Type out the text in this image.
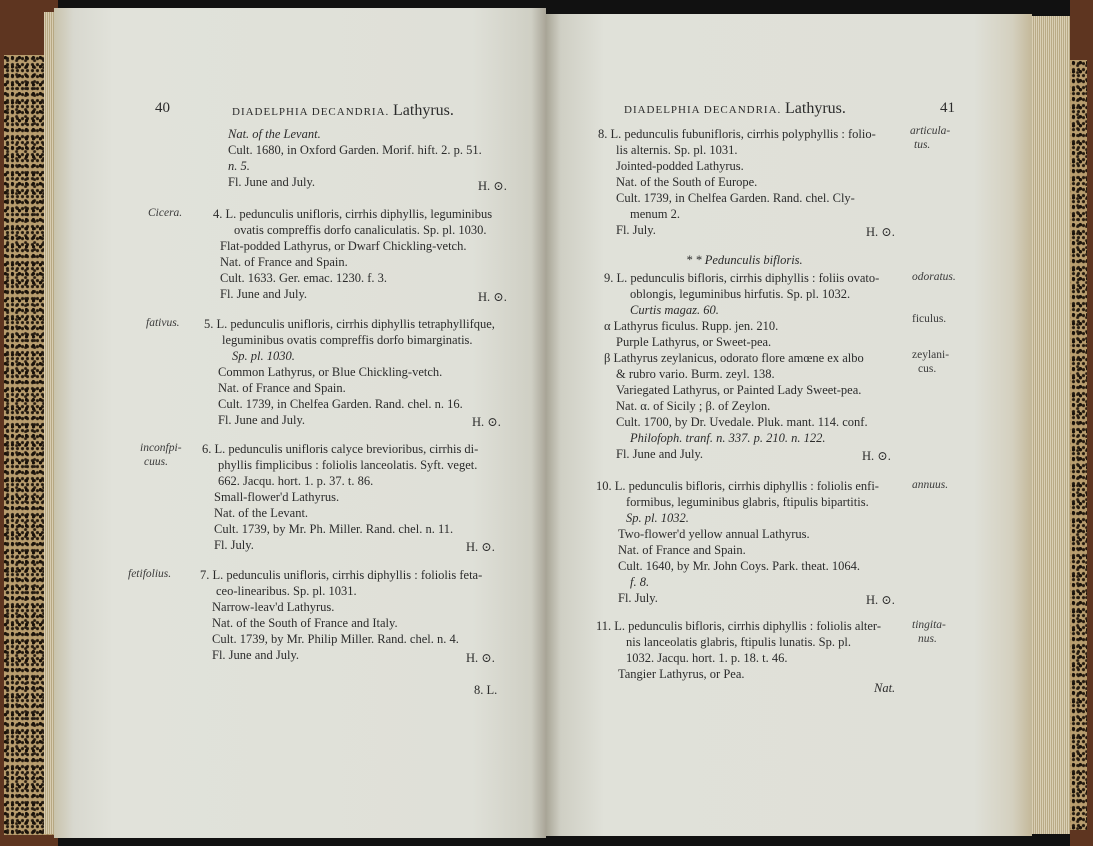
40	DIADELPHIA DECANDRIA. Lathyrus.
Nat. of the Levant.
Cult. 1680, in Oxford Garden. Morif. hift. 2. p. 51.
n. 5.
Fl. June and July.	H. ⊙.
Cicera. 4. L. pedunculis unifloris, cirrhis diphyllis, leguminibus
ovatis compreffis dorfo canaliculatis. Sp. pl. 1030.
Flat-podded Lathyrus, or Dwarf Chickling-vetch.
Nat. of France and Spain.
Cult. 1633. Ger. emac. 1230. f. 3.
Fl. June and July.	H. ⊙.
fativus. 5. L. pedunculis unifloris, cirrhis diphyllis tetraphyllifque,
leguminibus ovatis compreffis dorfo bimarginatis.
Sp. pl. 1030.
Common Lathyrus, or Blue Chickling-vetch.
Nat. of France and Spain.
Cult. 1739, in Chelfea Garden. Rand. chel. n. 16.
Fl. June and July.	H. ⊙.
inconfpi-
cuus.
6. L. pedunculis unifloris calyce brevioribus, cirrhis di-
phyllis fimplicibus : foliolis lanceolatis. Syft. veget.
662. Jacqu. hort. 1. p. 37. t. 86.
Small-flower'd Lathyrus.
Nat. of the Levant.
Cult. 1739, by Mr. Ph. Miller. Rand. chel. n. 11.
Fl. July.	H. ⊙.
fetifolius. 7. L. pedunculis unifloris, cirrhis diphyllis : foliolis feta-
ceo-linearibus. Sp. pl. 1031.
Narrow-leav'd Lathyrus.
Nat. of the South of France and Italy.
Cult. 1739, by Mr. Philip Miller. Rand. chel. n. 4.
Fl. June and July.	H. ⊙.
8. L.
DIADELPHIA DECANDRIA. Lathyrus.	41
articula-
tus.
8. L. pedunculis fubunifloris, cirrhis polyphyllis : folio-
lis alternis. Sp. pl. 1031.
Jointed-podded Lathyrus.
Nat. of the South of Europe.
Cult. 1739, in Chelfea Garden. Rand. chel. Cly-
menum 2.
Fl. July.	H. ⊙.
* * Pedunculis bifloris.
odoratus.
9. L. pedunculis bifloris, cirrhis diphyllis : foliis ovato-
oblongis, leguminibus hirfutis. Sp. pl. 1032.
Curtis magaz. 60.
ficulus.
α Lathyrus ficulus. Rupp. jen. 210.
Purple Lathyrus, or Sweet-pea.
zeylani-
cus.
β Lathyrus zeylanicus, odorato flore amœne ex albo
& rubro vario. Burm. zeyl. 138.
Variegated Lathyrus, or Painted Lady Sweet-pea.
Nat. α. of Sicily ; β. of Zeylon.
Cult. 1700, by Dr. Uvedale. Pluk. mant. 114. conf.
Philofoph. tranf. n. 337. p. 210. n. 122.
Fl. June and July.	H. ⊙.
annuus.
10. L. pedunculis bifloris, cirrhis diphyllis : foliolis enfi-
formibus, leguminibus glabris, ftipulis bipartitis.
Sp. pl. 1032.
Two-flower'd yellow annual Lathyrus.
Nat. of France and Spain.
Cult. 1640, by Mr. John Coys. Park. theat. 1064.
f. 8.
Fl. July.	H. ⊙.
tingita-
nus.
11. L. pedunculis bifloris, cirrhis diphyllis : foliolis alter-
nis lanceolatis glabris, ftipulis lunatis. Sp. pl.
1032. Jacqu. hort. 1. p. 18. t. 46.
Tangier Lathyrus, or Pea.
Nat.
